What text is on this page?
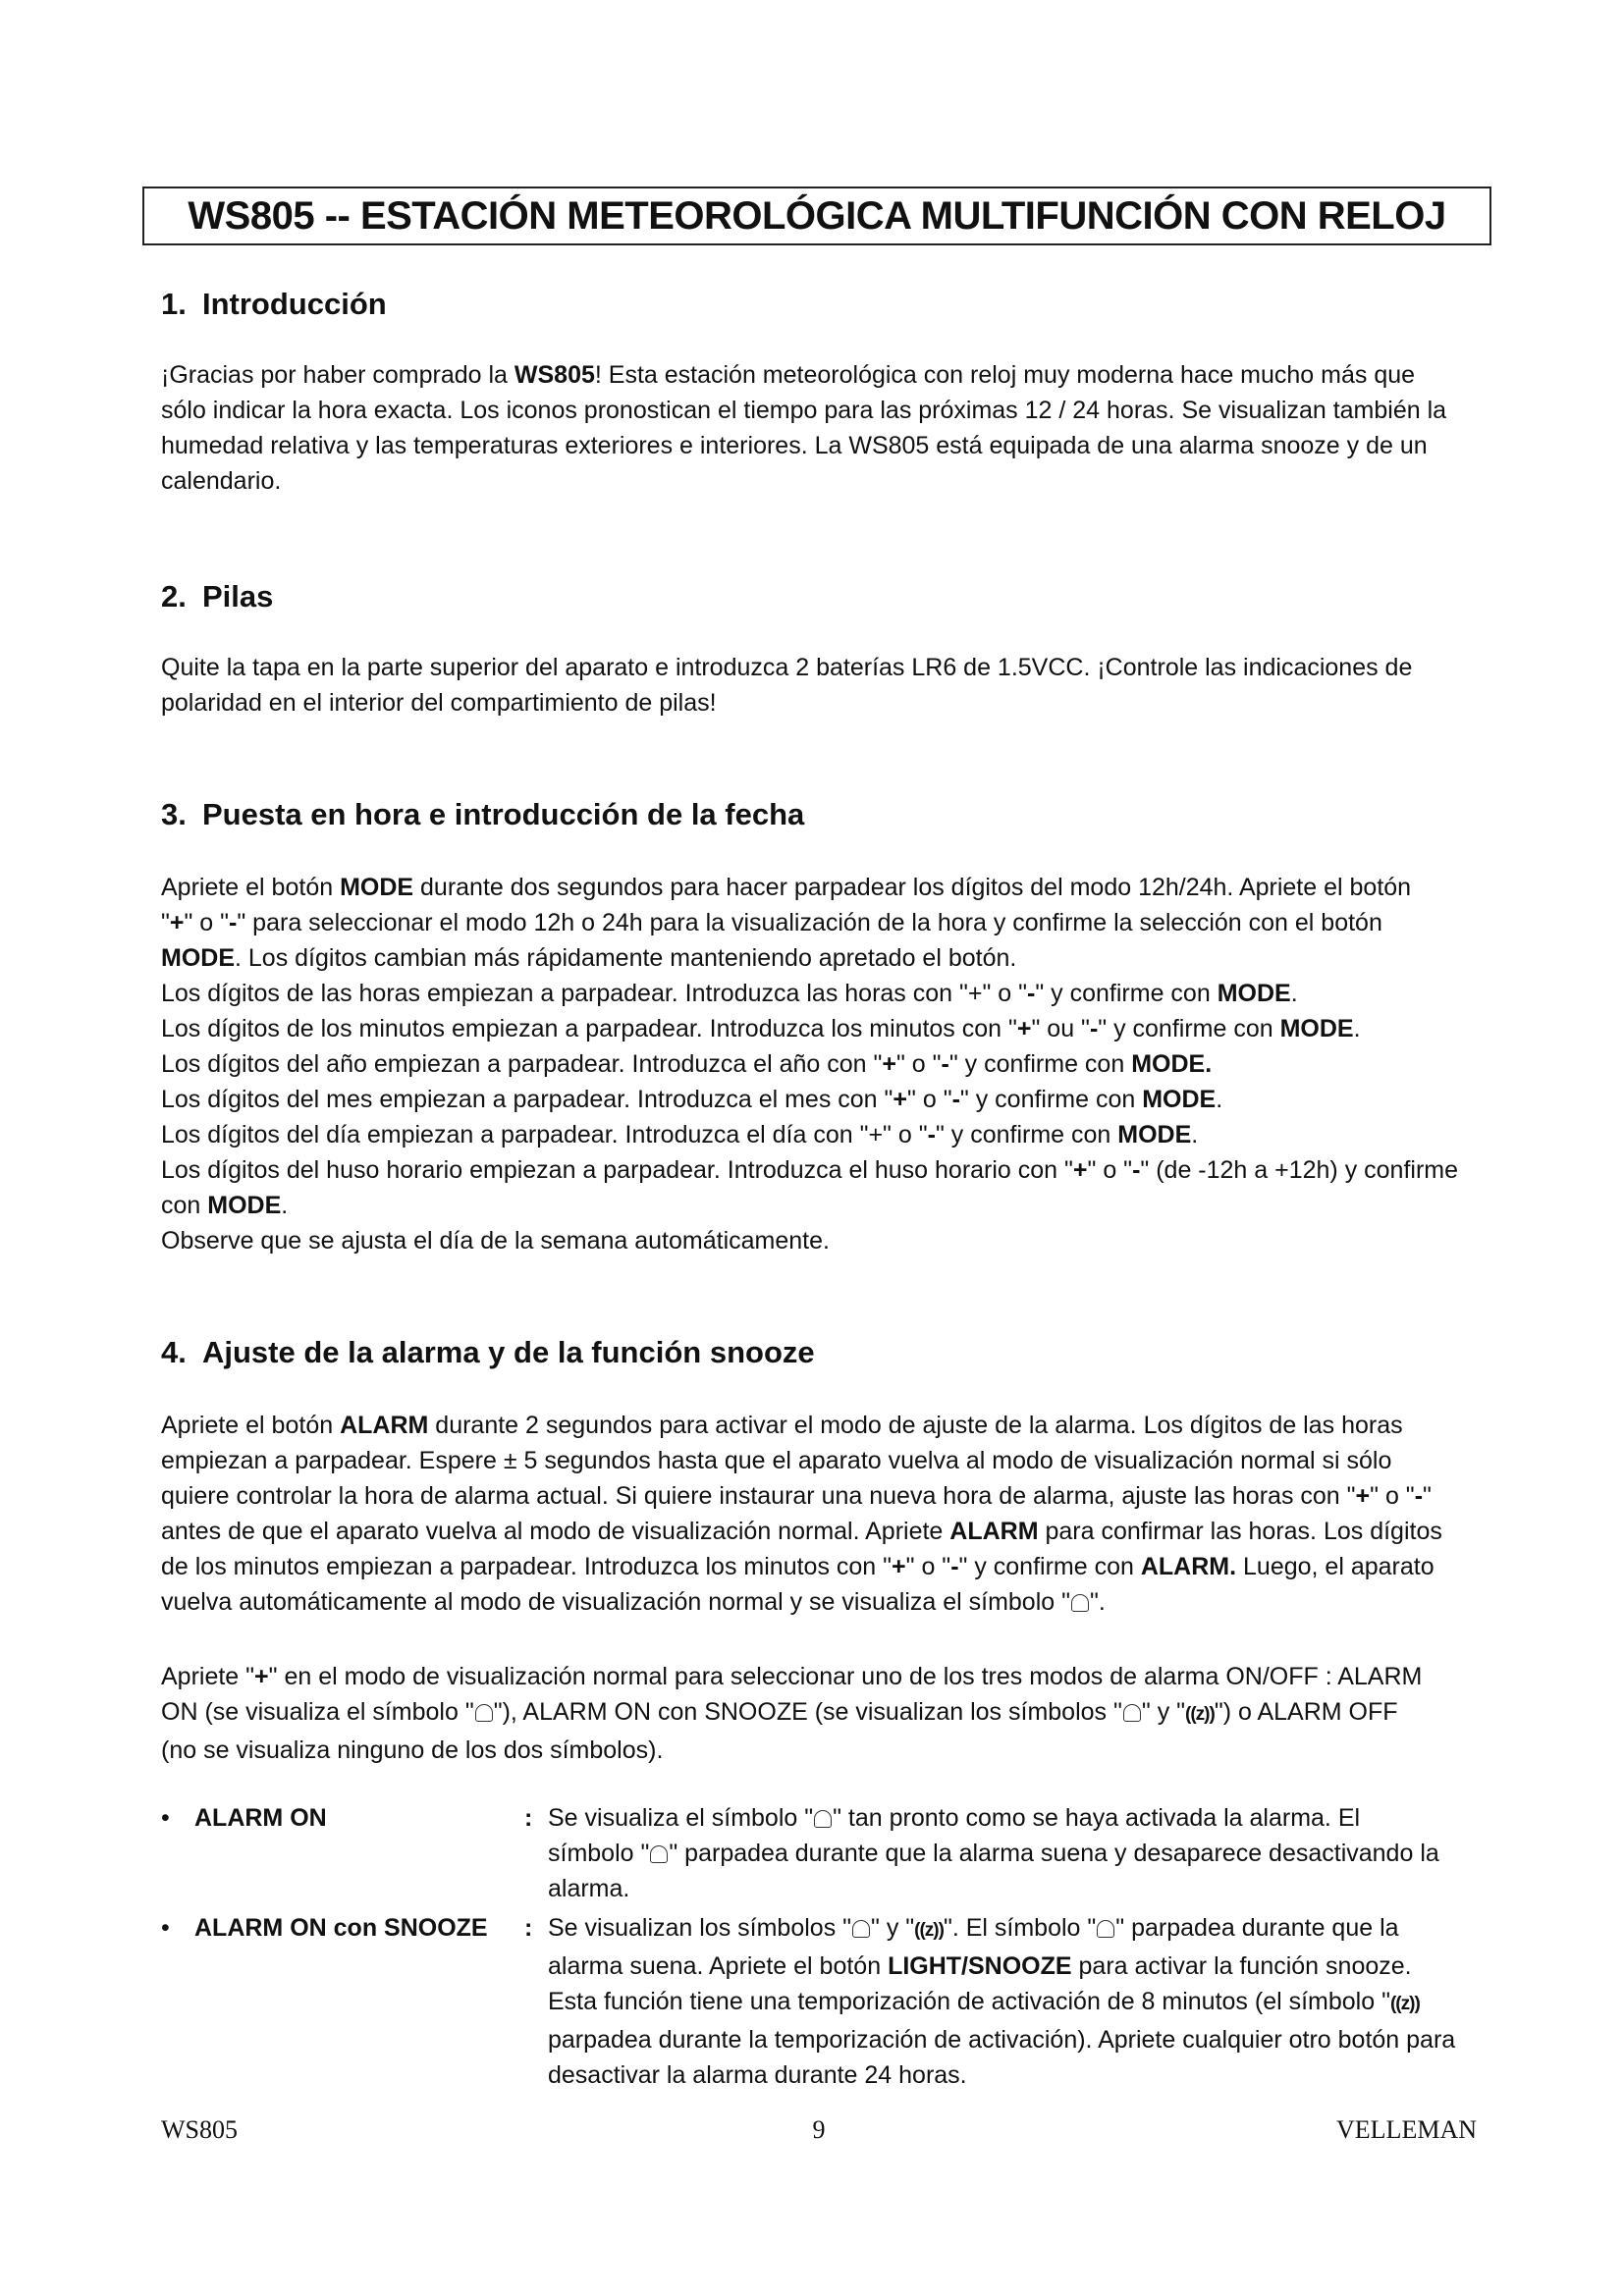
WS805 -- ESTACIÓN METEOROLÓGICA MULTIFUNCIÓN CON RELOJ
1. Introducción
¡Gracias por haber comprado la WS805! Esta estación meteorológica con reloj muy moderna hace mucho más que
sólo indicar la hora exacta. Los iconos pronostican el tiempo para las próximas 12 / 24 horas. Se visualizan también la
humedad relativa y las temperaturas exteriores e interiores. La WS805 está equipada de una alarma snooze y de un
calendario.
2. Pilas
Quite la tapa en la parte superior del aparato e introduzca 2 baterías LR6 de 1.5VCC. ¡Controle las indicaciones de
polaridad en el interior del compartimiento de pilas!
3. Puesta en hora e introducción de la fecha
Apriete el botón MODE durante dos segundos para hacer parpadear los dígitos del modo 12h/24h. Apriete el botón
"+" o "-" para seleccionar el modo 12h o 24h para la visualización de la hora y confirme la selección con el botón
MODE. Los dígitos cambian más rápidamente manteniendo apretado el botón.
Los dígitos de las horas empiezan a parpadear. Introduzca las horas con "+" o "-" y confirme con MODE.
Los dígitos de los minutos empiezan a parpadear. Introduzca los minutos con "+" ou "-" y confirme con MODE.
Los dígitos del año empiezan a parpadear. Introduzca el año con "+" o "-" y confirme con MODE.
Los dígitos del mes empiezan a parpadear. Introduzca el mes con "+" o "-" y confirme con MODE.
Los dígitos del día empiezan a parpadear. Introduzca el día con "+" o "-" y confirme con MODE.
Los dígitos del huso horario empiezan a parpadear. Introduzca el huso horario con "+" o "-" (de -12h a +12h) y confirme
con MODE.
Observe que se ajusta el día de la semana automáticamente.
4. Ajuste de la alarma y de la función snooze
Apriete el botón ALARM durante 2 segundos para activar el modo de ajuste de la alarma. Los dígitos de las horas
empiezan a parpadear. Espere ± 5 segundos hasta que el aparato vuelva al modo de visualización normal si sólo
quiere controlar la hora de alarma actual. Si quiere instaurar una nueva hora de alarma, ajuste las horas con "+" o "-"
antes de que el aparato vuelva al modo de visualización normal. Apriete ALARM para confirmar las horas. Los dígitos
de los minutos empiezan a parpadear. Introduzca los minutos con "+" o "-" y confirme con ALARM. Luego, el aparato
vuelva automáticamente al modo de visualización normal y se visualiza el símbolo " ".
Apriete "+" en el modo de visualización normal para seleccionar uno de los tres modos de alarma ON/OFF : ALARM
ON (se visualiza el símbolo " "), ALARM ON con SNOOZE (se visualizan los símbolos " " y "((z))") o ALARM OFF
(no se visualiza ninguno de los dos símbolos).
• ALARM ON	: Se visualiza el símbolo " " tan pronto como se haya activada la alarma. El
símbolo " " parpadea durante que la alarma suena y desaparece desactivando la
alarma.
• ALARM ON con SNOOZE : Se visualizan los símbolos " " y "((z))". El símbolo " " parpadea durante que la
alarma suena. Apriete el botón LIGHT/SNOOZE para activar la función snooze.
Esta función tiene una temporización de activación de 8 minutos (el símbolo "((z))
parpadea durante la temporización de activación). Apriete cualquier otro botón para
desactivar la alarma durante 24 horas.
WS805	9	VELLEMAN
